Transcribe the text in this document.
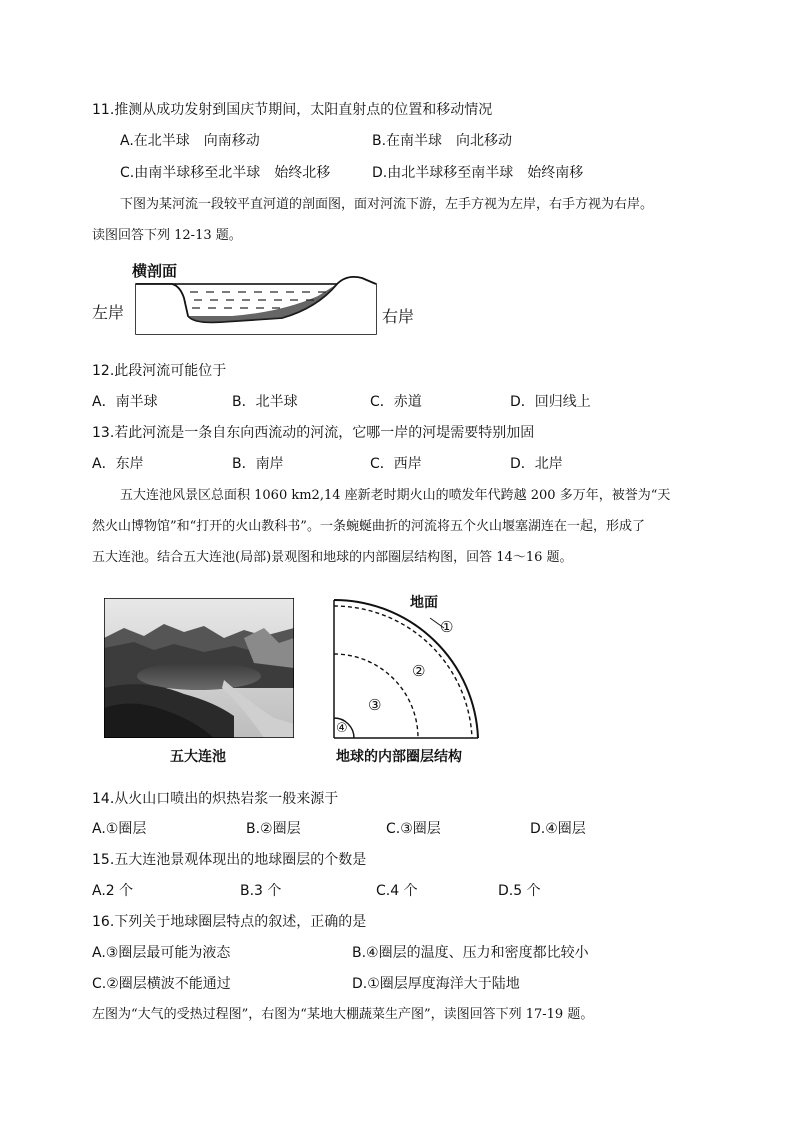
11.推测从成功发射到国庆节期间，太阳直射点的位置和移动情况
A.在北半球　向南移动	B.在南半球　向北移动
C.由南半球移至北半球　始终北移	D.由北半球移至南半球　始终南移
下图为某河流一段较平直河道的剖面图，面对河流下游，左手方视为左岸，右手方视为右岸。
读图回答下列 12-13 题。
横剖面
左岸	右岸
12.此段河流可能位于
A．南半球	B．北半球	C．赤道	D．回归线上
13.若此河流是一条自东向西流动的河流，它哪一岸的河堤需要特别加固
A．东岸	B．南岸	C．西岸	D．北岸
五大连池风景区总面积 1060 km2,14 座新老时期火山的喷发年代跨越 200 多万年，被誉为“天
然火山博物馆”和“打开的火山教科书”。一条蜿蜒曲折的河流将五个火山堰塞湖连在一起，形成了
五大连池。结合五大连池(局部)景观图和地球的内部圈层结构图，回答 14～16 题。
五大连池
地面
①
②
③
④
地球的内部圈层结构
14.从火山口喷出的炽热岩浆一般来源于
A.①圈层	B.②圈层	C.③圈层	D.④圈层
15.五大连池景观体现出的地球圈层的个数是
A.2 个	B.3 个	C.4 个	D.5 个
16.下列关于地球圈层特点的叙述，正确的是
A.③圈层最可能为液态	B.④圈层的温度、压力和密度都比较小
C.②圈层横波不能通过	D.①圈层厚度海洋大于陆地
左图为“大气的受热过程图”，右图为“某地大棚蔬菜生产图”，读图回答下列 17-19 题。
